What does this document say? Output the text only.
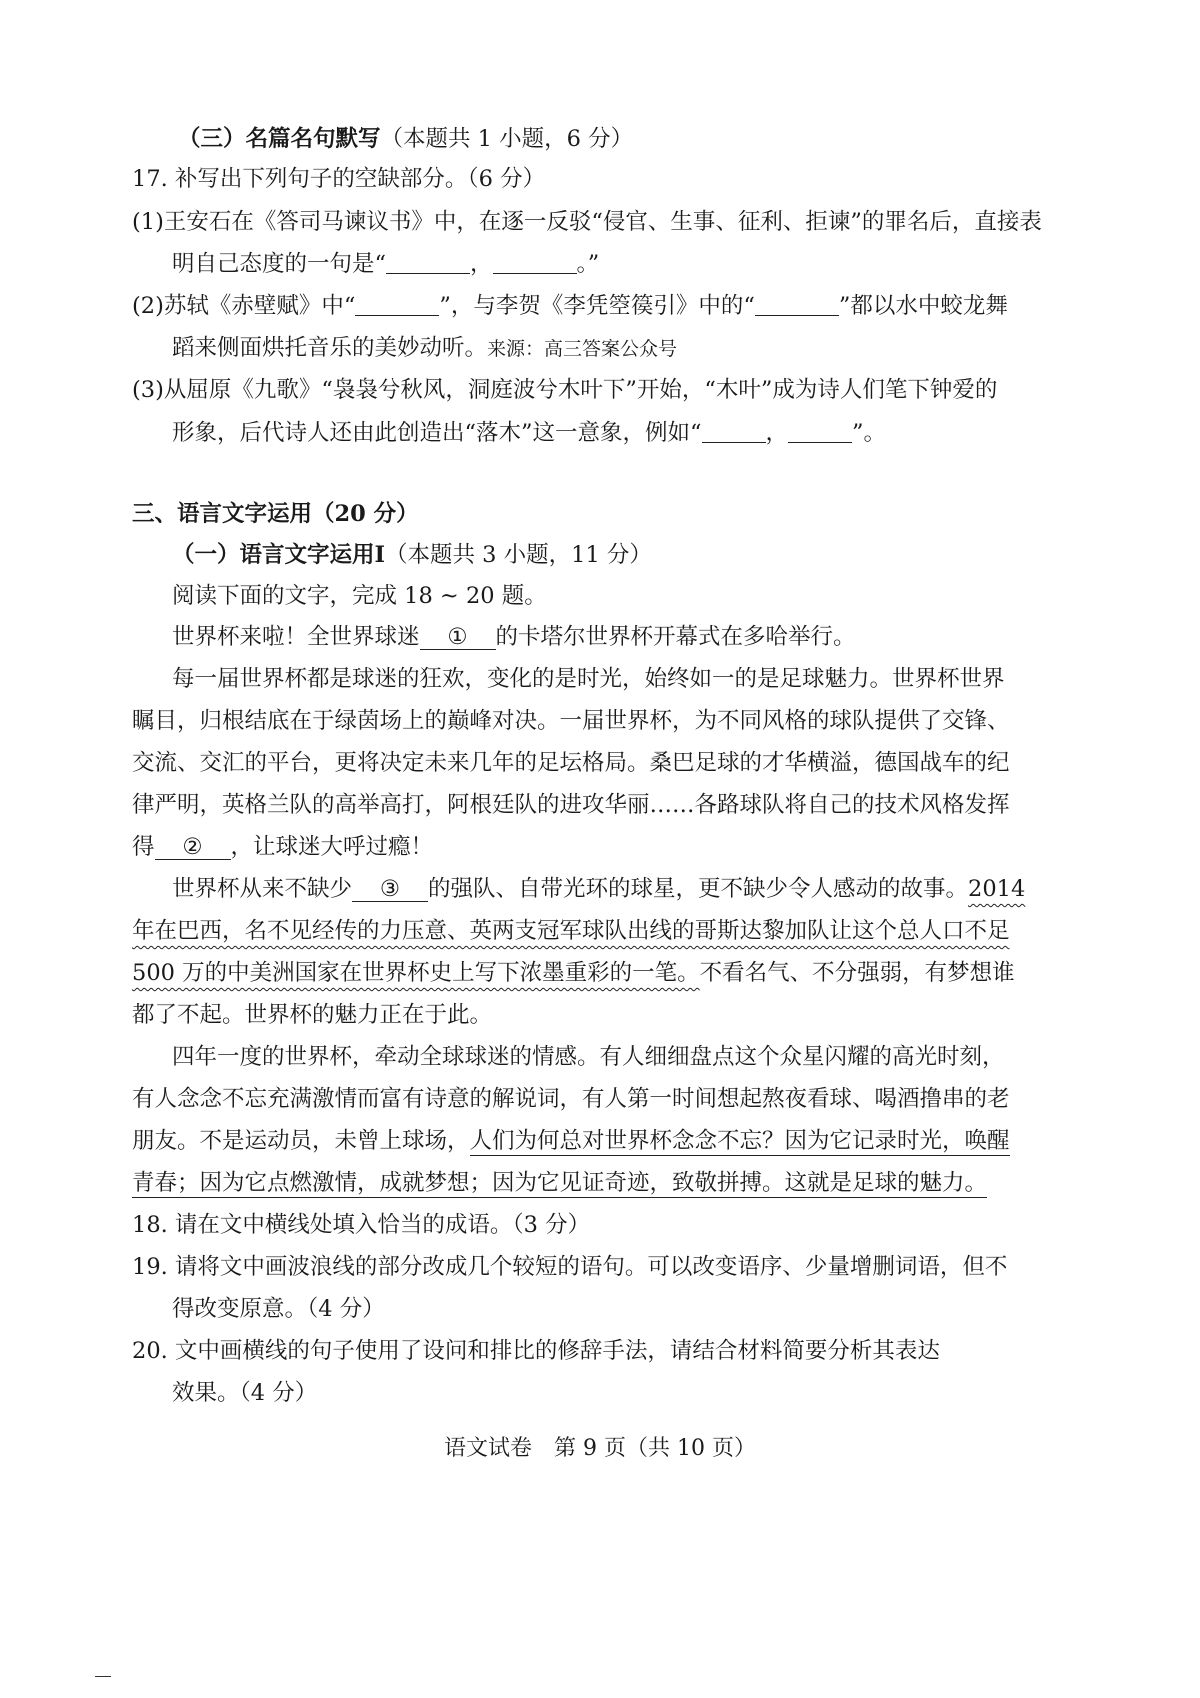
（三）名篇名句默写（本题共 1 小题，6 分）
17. 补写出下列句子的空缺部分。（6 分）
(1)王安石在《答司马谏议书》中，在逐一反驳“侵官、生事、征利、拒谏”的罪名后，直接表
明自己态度的一句是“	，	。”
(2)苏轼《赤壁赋》中“	”，与李贺《李凭箜篌引》中的“	”都以水中蛟龙舞
蹈来侧面烘托音乐的美妙动听。来源：高三答案公众号
(3)从屈原《九歌》“袅袅兮秋风，洞庭波兮木叶下”开始，“木叶”成为诗人们笔下钟爱的
形象，后代诗人还由此创造出“落木”这一意象，例如“	，	”。
三、语言文字运用（20 分）
（一）语言文字运用Ⅰ（本题共 3 小题，11 分）
阅读下面的文字，完成 18 ~ 20 题。
世界杯来啦！全世界球迷 ① 的卡塔尔世界杯开幕式在多哈举行。
每一届世界杯都是球迷的狂欢，变化的是时光，始终如一的是足球魅力。世界杯世界
瞩目，归根结底在于绿茵场上的巅峰对决。一届世界杯，为不同风格的球队提供了交锋、
交流、交汇的平台，更将决定未来几年的足坛格局。桑巴足球的才华横溢，德国战车的纪
律严明，英格兰队的高举高打，阿根廷队的进攻华丽……各路球队将自己的技术风格发挥
得 ② ，让球迷大呼过瘾！
世界杯从来不缺少 ③ 的强队、自带光环的球星，更不缺少令人感动的故事。2014
年在巴西，名不见经传的力压意、英两支冠军球队出线的哥斯达黎加队让这个总人口不足
500 万的中美洲国家在世界杯史上写下浓墨重彩的一笔。不看名气、不分强弱，有梦想谁
都了不起。世界杯的魅力正在于此。
四年一度的世界杯，牵动全球球迷的情感。有人细细盘点这个众星闪耀的高光时刻，
有人念念不忘充满激情而富有诗意的解说词，有人第一时间想起熬夜看球、喝酒撸串的老
朋友。不是运动员，未曾上球场，人们为何总对世界杯念念不忘？因为它记录时光，唤醒
青春；因为它点燃激情，成就梦想；因为它见证奇迹，致敬拼搏。这就是足球的魅力。
18. 请在文中横线处填入恰当的成语。（3 分）
19. 请将文中画波浪线的部分改成几个较短的语句。可以改变语序、少量增删词语，但不
得改变原意。（4 分）
20. 文中画横线的句子使用了设问和排比的修辞手法，请结合材料简要分析其表达
效果。（4 分）
语文试卷　第 9 页（共 10 页）
